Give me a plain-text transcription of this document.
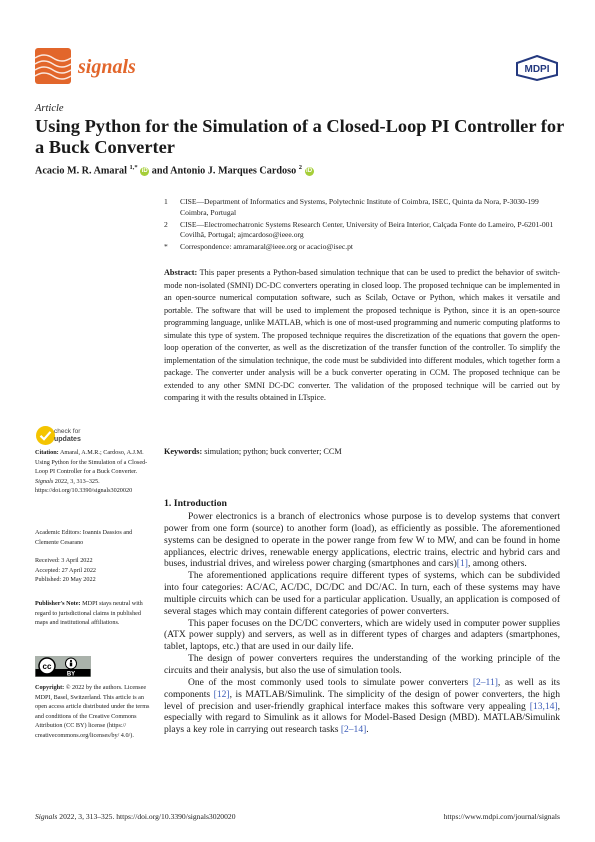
signals	MDPI
Article
Using Python for the Simulation of a Closed-Loop PI Controller for a Buck Converter
Acacio M. R. Amaral $^{1,*}$ iD and Antonio J. Marques Cardoso $^2$ iD
1 CISE—Department of Informatics and Systems, Polytechnic Institute of Coimbra, ISEC, Quinta da Nora, P-3030-199 Coimbra, Portugal
2 CISE—Electromechatronic Systems Research Center, University of Beira Interior, Calçada Fonte do Lameiro, P-6201-001 Covilhã, Portugal; ajmcardoso@ieee.org
* Correspondence: amramaral@ieee.org or acacio@isec.pt
Abstract: This paper presents a Python-based simulation technique that can be used to predict the behavior of switch-mode non-isolated (SMNI) DC-DC converters operating in closed loop. The proposed technique can be implemented in an open-source numerical computation software, such as Scilab, Octave or Python, which makes it versatile and portable. The software that will be used to implement the proposed technique is Python, since it is an open-source programming language, unlike MATLAB, which is one of most-used programming and numeric computing platforms to simulate this type of system. The proposed technique requires the discretization of the equations that govern the open-loop operation of the converter, as well as the discretization of the transfer function of the controller. To simplify the implementation of the simulation technique, the code must be subdivided into different modules, which together form a package. The converter under analysis will be a buck converter operating in CCM. The proposed technique can be extended to any other SMNI DC-DC converter. The validation of the proposed technique will be carried out by comparing it with the results obtained in LTspice.
Keywords: simulation; python; buck converter; CCM
check for
updates
Citation: Amaral, A.M.R.; Cardoso, A.J.M. Using Python for the Simulation of a Closed-Loop PI Controller for a Buck Converter. Signals 2022, 3, 313–325. https://doi.org/10.3390/signals3020020
Academic Editors: Ioannis Dassios and Clemente Cesarano
Received: 3 April 2022
Accepted: 27 April 2022
Published: 20 May 2022
Publisher's Note: MDPI stays neutral with regard to jurisdictional claims in published maps and institutional affiliations.
cc
BY
Copyright: © 2022 by the authors. Licensee MDPI, Basel, Switzerland. This article is an open access article distributed under the terms and conditions of the Creative Commons Attribution (CC BY) license (https:// creativecommons.org/licenses/by/ 4.0/).
1. Introduction

Power electronics is a branch of electronics whose purpose is to develop systems that convert power from one form (source) to another form (load), as efficiently as possible. The aforementioned systems can be designed to operate in the power range from few W to MW, and can be found in home appliances, electric drives, renewable energy applications, electric trains, electric and hybrid cars and buses, industrial drives, and wireless power charging (smartphones and cars)[1], among others.

The aforementioned applications require different types of systems, which can be subdivided into four categories: AC/AC, AC/DC, DC/DC and DC/AC. In turn, each of these systems may have multiple circuits which can be used for a particular application. Usually, an application is composed of several stages which may contain different categories of power converters.

This paper focuses on the DC/DC converters, which are widely used in computer power supplies (ATX power supply) and servers, as well as in different types of charges and adapters (smartphones, tablet, laptops, etc.) that are used in our daily life.

The design of power converters requires the understanding of the working principle of the circuits and their analysis, but also the use of simulation tools.

One of the most commonly used tools to simulate power converters [2–11], as well as its components [12], is MATLAB/Simulink. The simplicity of the design of power converters, the high level of precision and user-friendly graphical interface makes this software very appealing [13,14], especially with regard to Simulink as it allows for Model-Based Design (MBD). MATLAB/Simulink plays a key role in carrying out research tasks [2–14].

Signals 2022, 3, 313–325. https://doi.org/10.3390/signals3020020	https://www.mdpi.com/journal/signals
